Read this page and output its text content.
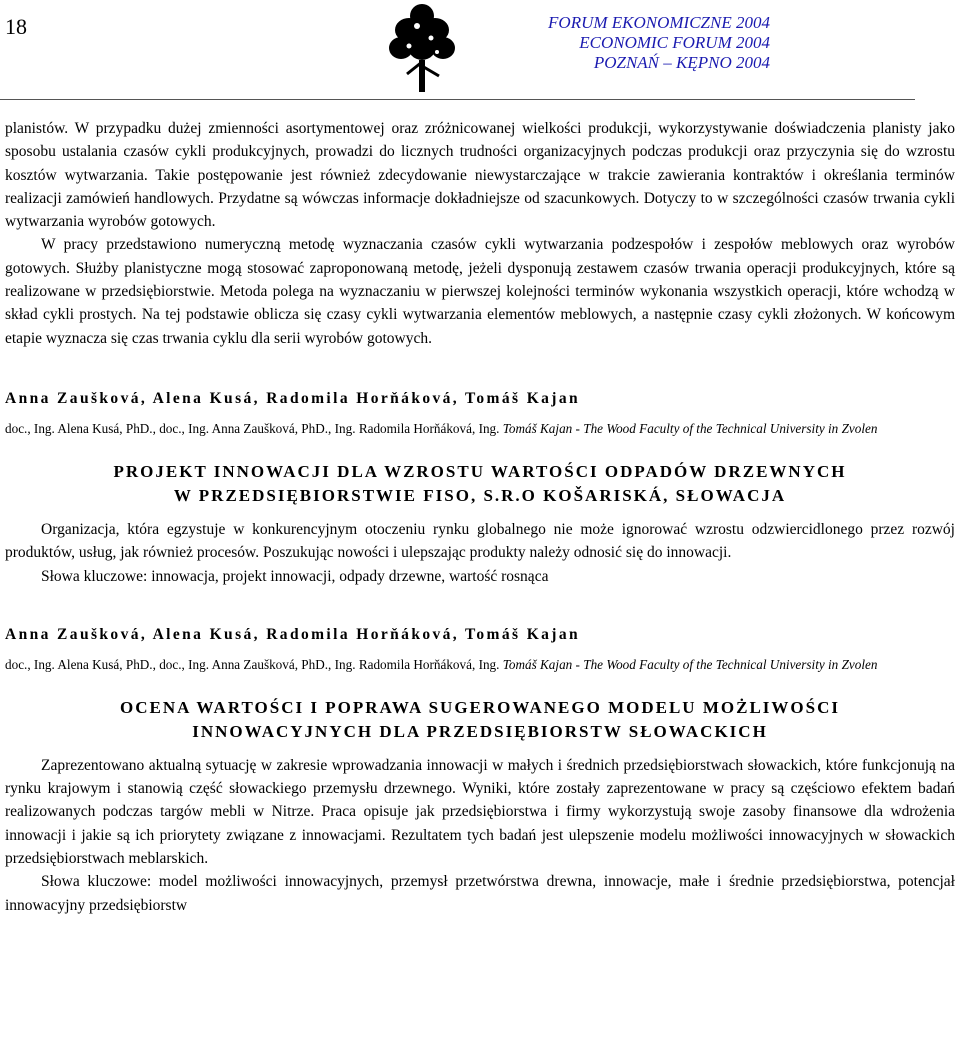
18	FORUM EKONOMICZNE 2004
ECONOMIC FORUM 2004
POZNAŃ – KĘPNO 2004

planistów. W przypadku dużej zmienności asortymentowej oraz zróżnicowanej wielkości produkcji, wykorzystywanie doświadczenia planisty jako sposobu ustalania czasów cykli produkcyjnych, prowadzi do licznych trudności organizacyjnych podczas produkcji oraz przyczynia się do wzrostu kosztów wytwarzania. Takie postępowanie jest również zdecydowanie niewystarczające w trakcie zawierania kontraktów i określania terminów realizacji zamówień handlowych. Przydatne są wówczas informacje dokładniejsze od szacunkowych. Dotyczy to w szczególności czasów trwania cykli wytwarzania wyrobów gotowych.

W pracy przedstawiono numeryczną metodę wyznaczania czasów cykli wytwarzania podzespołów i zespołów meblowych oraz wyrobów gotowych. Służby planistyczne mogą stosować zaproponowaną metodę, jeżeli dysponują zestawem czasów trwania operacji produkcyjnych, które są realizowane w przedsiębiorstwie. Metoda polega na wyznaczaniu w pierwszej kolejności terminów wykonania wszystkich operacji, które wchodzą w skład cykli prostych. Na tej podstawie oblicza się czasy cykli wytwarzania elementów meblowych, a następnie czasy cykli złożonych. W końcowym etapie wyznacza się czas trwania cyklu dla serii wyrobów gotowych.

Anna Zaušková, Alena Kusá, Radomila Horňáková, Tomáš Kajan

doc., Ing. Alena Kusá, PhD., doc., Ing. Anna Zaušková, PhD., Ing. Radomila Horňáková, Ing. Tomáš Kajan - The Wood Faculty of the Technical University in Zvolen

PROJEKT INNOWACJI DLA WZROSTU WARTOŚCI ODPADÓW DRZEWNYCH

W PRZEDSIĘBIORSTWIE FISO, S.R.O KOŠARISKÁ, SŁOWACJA

Organizacja, która egzystuje w konkurencyjnym otoczeniu rynku globalnego nie może ignorować wzrostu odzwiercidlonego przez rozwój produktów, usług, jak również procesów. Poszukując nowości i ulepszając produkty należy odnosić się do innowacji.

Słowa kluczowe: innowacja, projekt innowacji, odpady drzewne, wartość rosnąca

Anna Zaušková, Alena Kusá, Radomila Horňáková, Tomáš Kajan

doc., Ing. Alena Kusá, PhD., doc., Ing. Anna Zaušková, PhD., Ing. Radomila Horňáková, Ing. Tomáš Kajan - The Wood Faculty of the Technical University in Zvolen

OCENA WARTOŚCI I POPRAWA SUGEROWANEGO MODELU MOŻLIWOŚCI

INNOWACYJNYCH DLA PRZEDSIĘBIORSTW SŁOWACKICH

Zaprezentowano aktualną sytuację w zakresie wprowadzania innowacji w małych i średnich przedsiębiorstwach słowackich, które funkcjonują na rynku krajowym i stanowią część słowackiego przemysłu drzewnego. Wyniki, które zostały zaprezentowane w pracy są częściowo efektem badań realizowanych podczas targów mebli w Nitrze. Praca opisuje jak przedsiębiorstwa i firmy wykorzystują swoje zasoby finansowe dla wdrożenia innowacji i jakie są ich priorytety związane z innowacjami. Rezultatem tych badań jest ulepszenie modelu możliwości innowacyjnych w słowackich przedsiębiorstwach meblarskich.

Słowa kluczowe: model możliwości innowacyjnych, przemysł przetwórstwa drewna, innowacje, małe i średnie przedsiębiorstwa, potencjał innowacyjny przedsiębiorstw
